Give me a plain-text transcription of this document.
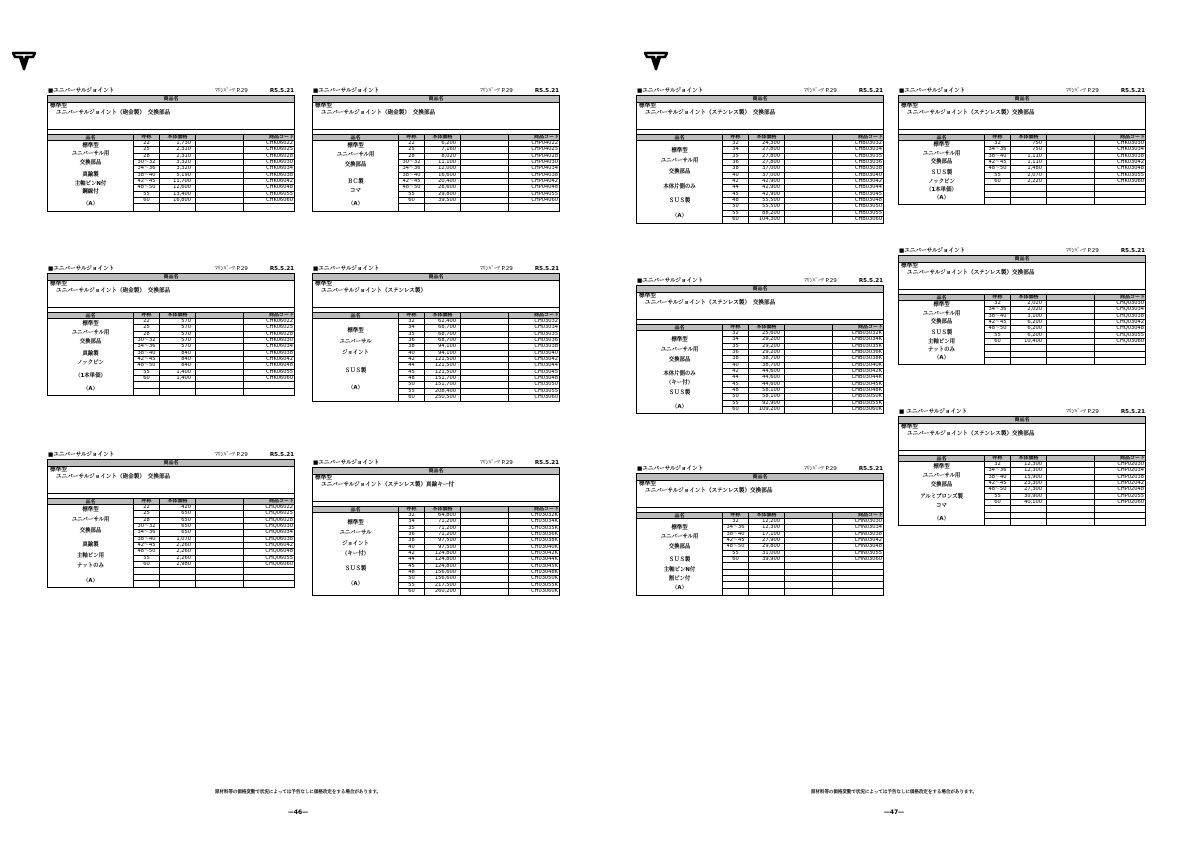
■ユニバーサルジョイント	ﾏﾘﾝﾊﾟｰﾂ P.29	R5.5.21
商品名
標準型
ユニバーサルジョイント（砲金製）　交換部品
品名
標準型
ユニバーサル用
交換部品
真鍮製
主軸ピンN付
鋼線付
（A）
呼称	本体価格	商品コード
22	1,730	CHK06022
25	2,310	CHK06025
28	2,310	CHK06028
30～32	3,320	CHK06030
34～36	3,320	CHK06034
38～40	5,190	CHK06038
42～45	11,700	CHK06042
48～50	12,600	CHK06048
55	13,400	CHK06055
60	16,800	CHK06060
■ユニバーサルジョイント	ﾏﾘﾝﾊﾟｰﾂ P.29	R5.5.21
商品名
標準型
ユニバーサルジョイント（砲金製）　交換部品
品名
標準型
ユニバーサル用
交換部品
真鍮製
ノックピン
（1本単価）
（A）
呼称	本体価格	商品コード
22	570	CHK06022
25	570	CHK06025
28	570	CHK06028
30～32	570	CHK06030
34～36	570	CHK06034
38～40	840	CHK06038
42～45	840	CHK06042
48～50	840	CHK06048
55	1,400	CHK06055
60	1,400	CHK06060
■ユニバーサルジョイント	ﾏﾘﾝﾊﾟｰﾂ P.29	R5.5.21
商品名
標準型
ユニバーサルジョイント（砲金製）　交換部品
品名
標準型
ユニバーサル用
交換部品
真鍮製
主軸ピン用
ナットのみ
（A）
呼称	本体価格	商品コード
22	420	CHQ06022
25	650	CHQ06025
28	650	CHQ06028
30～32	650	CHQ06030
34～36	650	CHQ06034
38～40	1,070	CHQ06038
42～45	2,260	CHQ06042
48～50	2,260	CHQ06048
55	2,260	CHQ06055
60	2,980	CHQ06060
■ユニバーサルジョイント	ﾏﾘﾝﾊﾟｰﾂ P.29	R5.5.21
商品名
標準型
ユニバーサルジョイント（砲金製）　交換部品
品名
標準型
ユニバーサル用
交換部品
ＢＣ製
コマ
（A）
呼称	本体価格	商品コード
22	6,200	CHP04022
25	7,160	CHP04025
28	8,020	CHP04028
30～32	11,100	CHP04030
34～36	12,000	CHP04034
38～40	16,600	CHP04038
42～45	20,400	CHP04042
48～50	28,600	CHP04048
55	29,800	CHP04055
60	39,500	CHP04060
■ユニバーサルジョイント	ﾏﾘﾝﾊﾟｰﾂ P.29	R5.5.21
商品名
標準型
ユニバーサルジョイント（ステンレス製）
品名
標準型
ユニバーサル
ジョイント
ＳＵＳ製
（A）
呼称	本体価格	商品コード
32	62,400	CH03032
34	68,700	CH03034
35	68,700	CH03035
36	68,700	CH03036
38	94,100	CH03038
40	94,100	CH03040
42	121,500	CH03042
44	121,500	CH03044
45	121,500	CH03045
48	151,700	CH03048
50	151,700	CH03050
55	208,400	CH03055
60	250,500	CH03060
■ユニバーサルジョイント	ﾏﾘﾝﾊﾟｰﾂ P.29	R5.5.21
商品名
標準型
ユニバーサルジョイント（ステンレス製）真鍮キー付
品名
標準型
ユニバーサル
ジョイント
（キー付）
ＳＵＳ製
（A）
呼称	本体価格	商品コード
32	64,800	CH03032K
34	71,200	CH03034K
35	71,200	CH03035K
36	71,200	CH03036K
38	97,500	CH03038K
40	97,500	CH03040K
42	124,800	CH03042K
44	124,800	CH03044K
45	124,800	CH03045K
48	156,600	CH03048K
50	156,600	CH03050K
55	217,500	CH03055K
60	260,200	CH03060K
原材料等の価格変動で状況によっては予告なしに価格改定をする場合があります。
—46—
■ユニバーサルジョイント	ﾏﾘﾝﾊﾟｰﾂ P.29	R5.5.21
商品名
標準型
ユニバーサルジョイント（ステンレス製）　交換部品
品名
標準型
ユニバーサル用
交換部品
本体片側のみ
ＳＵＳ製
（A）
呼称	本体価格	商品コード
32	24,300	CHB03032
34	27,800	CHB03034
35	27,800	CHB03035
36	27,800	CHB03036
38	37,000	CHB03038
40	37,000	CHB03040
42	42,900	CHB03042
44	42,900	CHB03044
45	42,900	CHB03045
48	55,500	CHB03048
50	55,500	CHB03050
55	88,200	CHB03055
60	104,300	CHB03060
■ユニバーサルジョイント	ﾏﾘﾝﾊﾟｰﾂ P.29	R5.5.21
商品名
標準型
ユニバーサルジョイント（ステンレス製）　交換部品
品名
標準型
ユニバーサル用
交換部品
本体片側のみ
（キー付）
ＳＵＳ製
（A）
呼称	本体価格	商品コード
32	25,600	CHB03032K
34	29,200	CHB03034K
35	29,200	CHB03035K
36	29,200	CHB03036K
38	38,700	CHB03038K
40	38,700	CHB03040K
42	44,600	CHB03042K
44	44,600	CHB03044K
45	44,600	CHB03045K
48	58,100	CHB03048K
50	58,100	CHB03050K
55	92,900	CHB03055K
60	109,200	CHB03060K
■ユニバーサルジョイント	ﾏﾘﾝﾊﾟｰﾂ P.29	R5.5.21
商品名
標準型
ユニバーサルジョイント（ステンレス製）交換部品
品名
標準型
ユニバーサル用
交換部品
ＳＵＳ製
主軸ピンN付
割ピン付
（A）
呼称	本体価格	商品コード
32	12,200	CHN03030
34～36	12,300	CHN03034
38～40	17,100	CHN03038
42～45	27,900	CHN03042
48～50	29,800	CHN03048
55	31,000	CHN03055
60	39,900	CHN03060
■ユニバーサルジョイント	ﾏﾘﾝﾊﾟｰﾂ P.29	R5.5.21
商品名
標準型
ユニバーサルジョイント（ステンレス製）交換部品
品名
標準型
ユニバーサル用
交換部品
ＳＵＳ製
ノックピン
（1本単価）
（A）
呼称	本体価格	商品コード
32	750	CHK03030
34～36	750	CHK03034
38～40	1,110	CHK03038
42～45	1,110	CHK03042
48～50	1,480	CHK03048
55	2,070	CHK03055
60	2,220	CHK03060
■ユニバーサルジョイント	ﾏﾘﾝﾊﾟｰﾂ P.29	R5.5.21
商品名
標準型
ユニバーサルジョイント（ステンレス製）交換部品
品名
標準型
ユニバーサル用
交換部品
ＳＵＳ製
主軸ピン用
ナットのみ
（A）
呼称	本体価格	商品コード
32	2,020	CHQ03030
34～36	2,020	CHQ03034
38～40	3,100	CHQ03038
42～45	6,200	CHQ03042
48～50	6,200	CHQ03048
55	6,200	CHQ03055
60	10,400	CHQ03060
■ ユニバーサルジョイント	ﾏﾘﾝﾊﾟｰﾂ P.29	R5.5.21
商品名
標準型
ユニバーサルジョイント（ステンレス製）交換部品
品名
標準型
ユニバーサル用
交換部品
アルミブロンズ製
コマ
（A）
呼称	本体価格	商品コード
32	12,300	CHP02030
34～36	12,300	CHP02034
38～40	15,900	CHP02038
42～45	23,300	CHP02042
48～50	27,300	CHP02048
55	30,900	CHP02055
60	40,100	CHP02060
原材料等の価格変動で状況によっては予告なしに価格改定をする場合があります。
—47—
